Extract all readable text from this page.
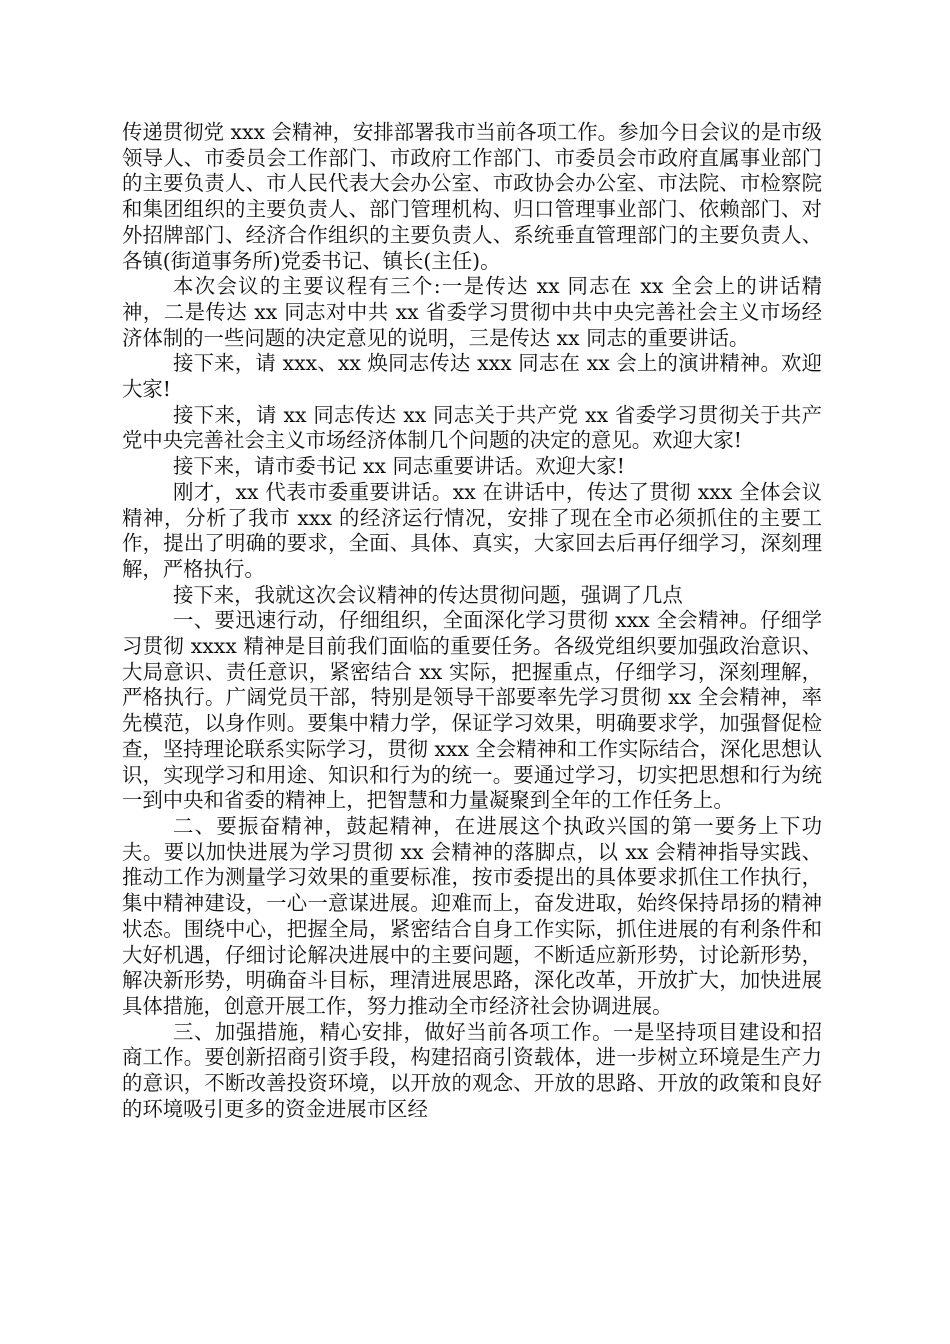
传递贯彻党 xxx 会精神，安排部署我市当前各项工作。参加今日会议的是市级领导人、市委员会工作部门、市政府工作部门、市委员会市政府直属事业部门的主要负责人、市人民代表大会办公室、市政协会办公室、市法院、市检察院和集团组织的主要负责人、部门管理机构、归口管理事业部门、依赖部门、对外招牌部门、经济合作组织的主要负责人、系统垂直管理部门的主要负责人、各镇(街道事务所)党委书记、镇长(主任)。

本次会议的主要议程有三个:一是传达 xx 同志在 xx 全会上的讲话精神，二是传达 xx 同志对中共 xx 省委学习贯彻中共中央完善社会主义市场经济体制的一些问题的决定意见的说明，三是传达 xx 同志的重要讲话。

接下来，请 xxx、xx 焕同志传达 xxx 同志在 xx 会上的演讲精神。欢迎大家!

接下来，请 xx 同志传达 xx 同志关于共产党 xx 省委学习贯彻关于共产党中央完善社会主义市场经济体制几个问题的决定的意见。欢迎大家!

接下来，请市委书记 xx 同志重要讲话。欢迎大家!

刚才，xx 代表市委重要讲话。xx 在讲话中，传达了贯彻 xxx 全体会议精神，分析了我市 xxx 的经济运行情况，安排了现在全市必须抓住的主要工作，提出了明确的要求，全面、具体、真实，大家回去后再仔细学习，深刻理解，严格执行。

接下来，我就这次会议精神的传达贯彻问题，强调了几点

一、要迅速行动，仔细组织，全面深化学习贯彻 xxx 全会精神。仔细学习贯彻 xxxx 精神是目前我们面临的重要任务。各级党组织要加强政治意识、大局意识、责任意识，紧密结合 xx 实际，把握重点，仔细学习，深刻理解，严格执行。广阔党员干部，特别是领导干部要率先学习贯彻 xx 全会精神，率先模范，以身作则。要集中精力学，保证学习效果，明确要求学，加强督促检查，坚持理论联系实际学习，贯彻 xxx 全会精神和工作实际结合，深化思想认识，实现学习和用途、知识和行为的统一。要通过学习，切实把思想和行为统一到中央和省委的精神上，把智慧和力量凝聚到全年的工作任务上。

二、要振奋精神，鼓起精神，在进展这个执政兴国的第一要务上下功夫。要以加快进展为学习贯彻 xx 会精神的落脚点，以 xx 会精神指导实践、推动工作为测量学习效果的重要标准，按市委提出的具体要求抓住工作执行，集中精神建设，一心一意谋进展。迎难而上，奋发进取，始终保持昂扬的精神状态。围绕中心，把握全局，紧密结合自身工作实际，抓住进展的有利条件和大好机遇，仔细讨论解决进展中的主要问题，不断适应新形势，讨论新形势，解决新形势，明确奋斗目标，理清进展思路，深化改革，开放扩大，加快进展具体措施，创意开展工作，努力推动全市经济社会协调进展。

三、加强措施，精心安排，做好当前各项工作。一是坚持项目建设和招商工作。要创新招商引资手段，构建招商引资载体，进一步树立环境是生产力的意识，不断改善投资环境，以开放的观念、开放的思路、开放的政策和良好的环境吸引更多的资金进展市区经
